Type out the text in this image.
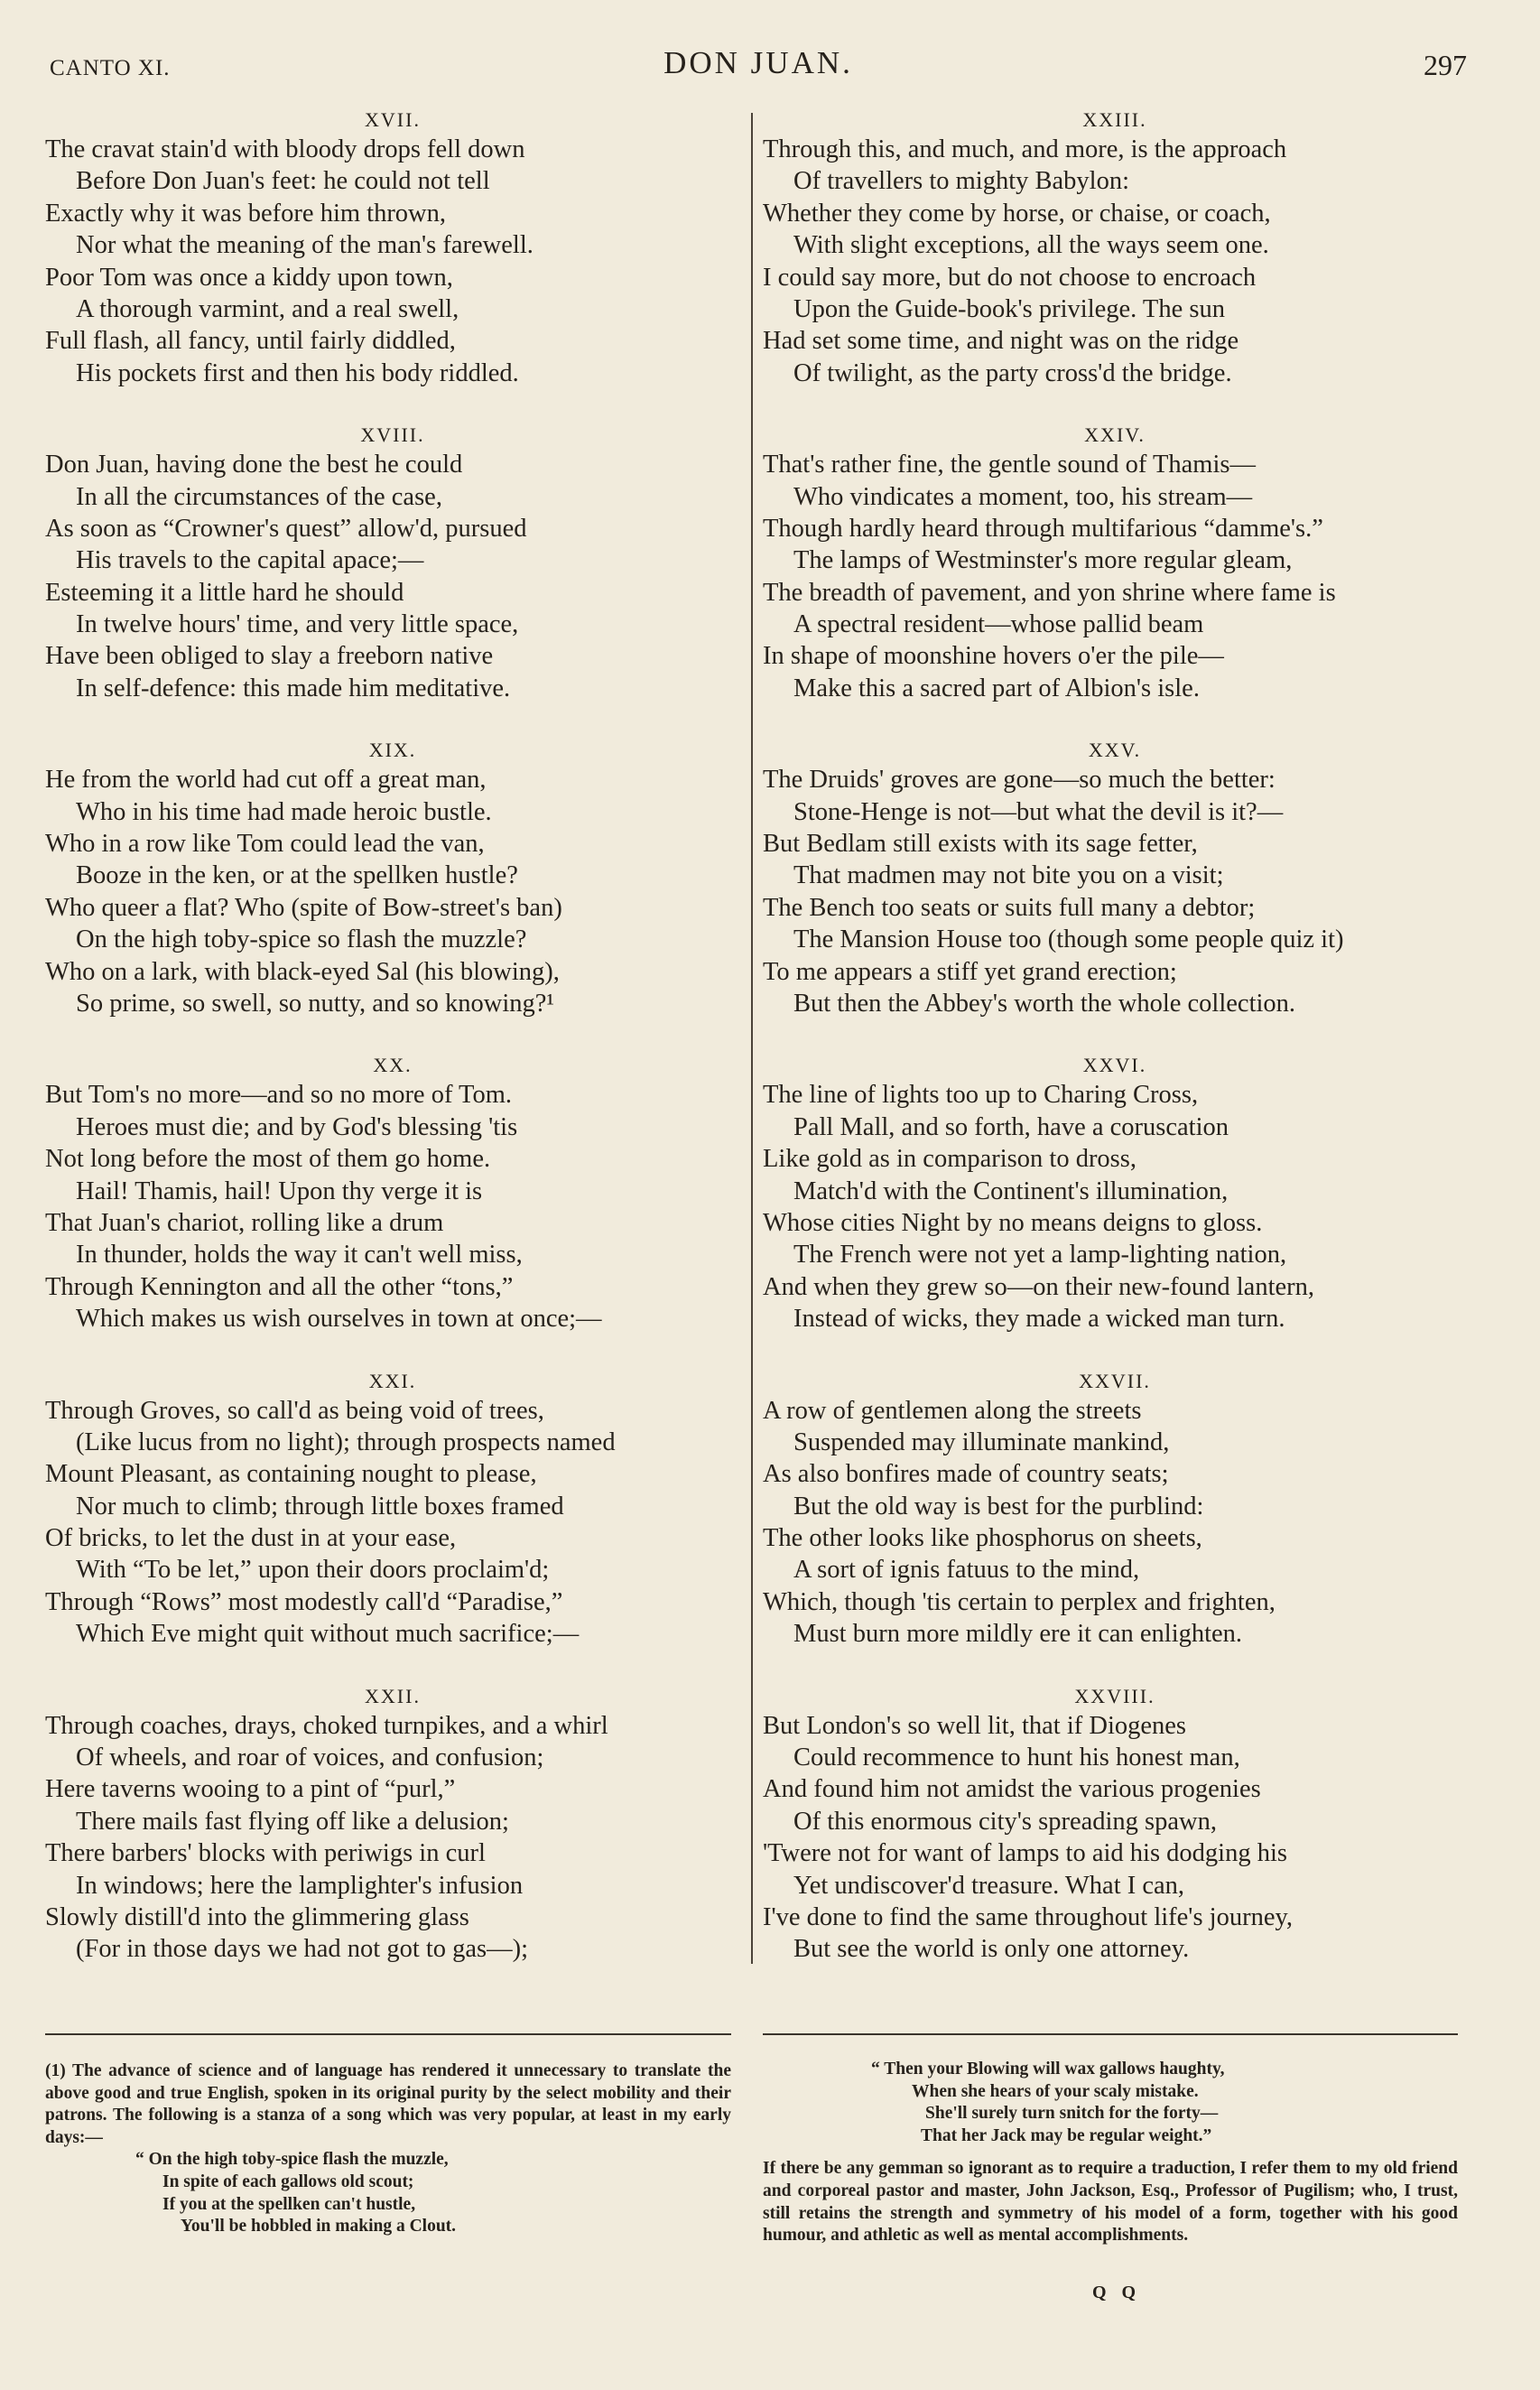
CANTO XI.	DON JUAN.	297
XVII.
The cravat stain'd with bloody drops fell down
Before Don Juan's feet: he could not tell
Exactly why it was before him thrown,
Nor what the meaning of the man's farewell.
Poor Tom was once a kiddy upon town,
A thorough varmint, and a real swell,
Full flash, all fancy, until fairly diddled,
His pockets first and then his body riddled.
XVIII.
Don Juan, having done the best he could
In all the circumstances of the case,
As soon as “Crowner's quest” allow'd, pursued
His travels to the capital apace;—
Esteeming it a little hard he should
In twelve hours' time, and very little space,
Have been obliged to slay a freeborn native
In self-defence: this made him meditative.
XIX.
He from the world had cut off a great man,
Who in his time had made heroic bustle.
Who in a row like Tom could lead the van,
Booze in the ken, or at the spellken hustle?
Who queer a flat? Who (spite of Bow-street's ban)
On the high toby-spice so flash the muzzle?
Who on a lark, with black-eyed Sal (his blowing),
So prime, so swell, so nutty, and so knowing?¹
XX.
But Tom's no more—and so no more of Tom.
Heroes must die; and by God's blessing 'tis
Not long before the most of them go home.
Hail! Thamis, hail! Upon thy verge it is
That Juan's chariot, rolling like a drum
In thunder, holds the way it can't well miss,
Through Kennington and all the other “tons,”
Which makes us wish ourselves in town at once;—
XXI.
Through Groves, so call'd as being void of trees,
(Like lucus from no light); through prospects named
Mount Pleasant, as containing nought to please,
Nor much to climb; through little boxes framed
Of bricks, to let the dust in at your ease,
With “To be let,” upon their doors proclaim'd;
Through “Rows” most modestly call'd “Paradise,”
Which Eve might quit without much sacrifice;—
XXII.
Through coaches, drays, choked turnpikes, and a whirl
Of wheels, and roar of voices, and confusion;
Here taverns wooing to a pint of “purl,”
There mails fast flying off like a delusion;
There barbers' blocks with periwigs in curl
In windows; here the lamplighter's infusion
Slowly distill'd into the glimmering glass
(For in those days we had not got to gas—);
XXIII.
Through this, and much, and more, is the approach
Of travellers to mighty Babylon:
Whether they come by horse, or chaise, or coach,
With slight exceptions, all the ways seem one.
I could say more, but do not choose to encroach
Upon the Guide-book's privilege. The sun
Had set some time, and night was on the ridge
Of twilight, as the party cross'd the bridge.
XXIV.
That's rather fine, the gentle sound of Thamis—
Who vindicates a moment, too, his stream—
Though hardly heard through multifarious “damme's.”
The lamps of Westminster's more regular gleam,
The breadth of pavement, and yon shrine where fame is
A spectral resident—whose pallid beam
In shape of moonshine hovers o'er the pile—
Make this a sacred part of Albion's isle.
XXV.
The Druids' groves are gone—so much the better:
Stone-Henge is not—but what the devil is it?—
But Bedlam still exists with its sage fetter,
That madmen may not bite you on a visit;
The Bench too seats or suits full many a debtor;
The Mansion House too (though some people quiz it)
To me appears a stiff yet grand erection;
But then the Abbey's worth the whole collection.
XXVI.
The line of lights too up to Charing Cross,
Pall Mall, and so forth, have a coruscation
Like gold as in comparison to dross,
Match'd with the Continent's illumination,
Whose cities Night by no means deigns to gloss.
The French were not yet a lamp-lighting nation,
And when they grew so—on their new-found lantern,
Instead of wicks, they made a wicked man turn.
XXVII.
A row of gentlemen along the streets
Suspended may illuminate mankind,
As also bonfires made of country seats;
But the old way is best for the purblind:
The other looks like phosphorus on sheets,
A sort of ignis fatuus to the mind,
Which, though 'tis certain to perplex and frighten,
Must burn more mildly ere it can enlighten.
XXVIII.
But London's so well lit, that if Diogenes
Could recommence to hunt his honest man,
And found him not amidst the various progenies
Of this enormous city's spreading spawn,
'Twere not for want of lamps to aid his dodging his
Yet undiscover'd treasure. What I can,
I've done to find the same throughout life's journey,
But see the world is only one attorney.

(1) The advance of science and of language has rendered it unnecessary to translate the above good and true English, spoken in its original purity by the select mobility and their patrons. The following is a stanza of a song which was very popular, at least in my early days:—

“ On the high toby-spice flash the muzzle,
In spite of each gallows old scout;
If you at the spellken can't hustle,
You'll be hobbled in making a Clout.
“ Then your Blowing will wax gallows haughty,
When she hears of your scaly mistake.
She'll surely turn snitch for the forty—
That her Jack may be regular weight.”

If there be any gemman so ignorant as to require a traduction, I refer them to my old friend and corporeal pastor and master, John Jackson, Esq., Professor of Pugilism; who, I trust, still retains the strength and symmetry of his model of a form, together with his good humour, and athletic as well as mental accomplishments.

Q Q
